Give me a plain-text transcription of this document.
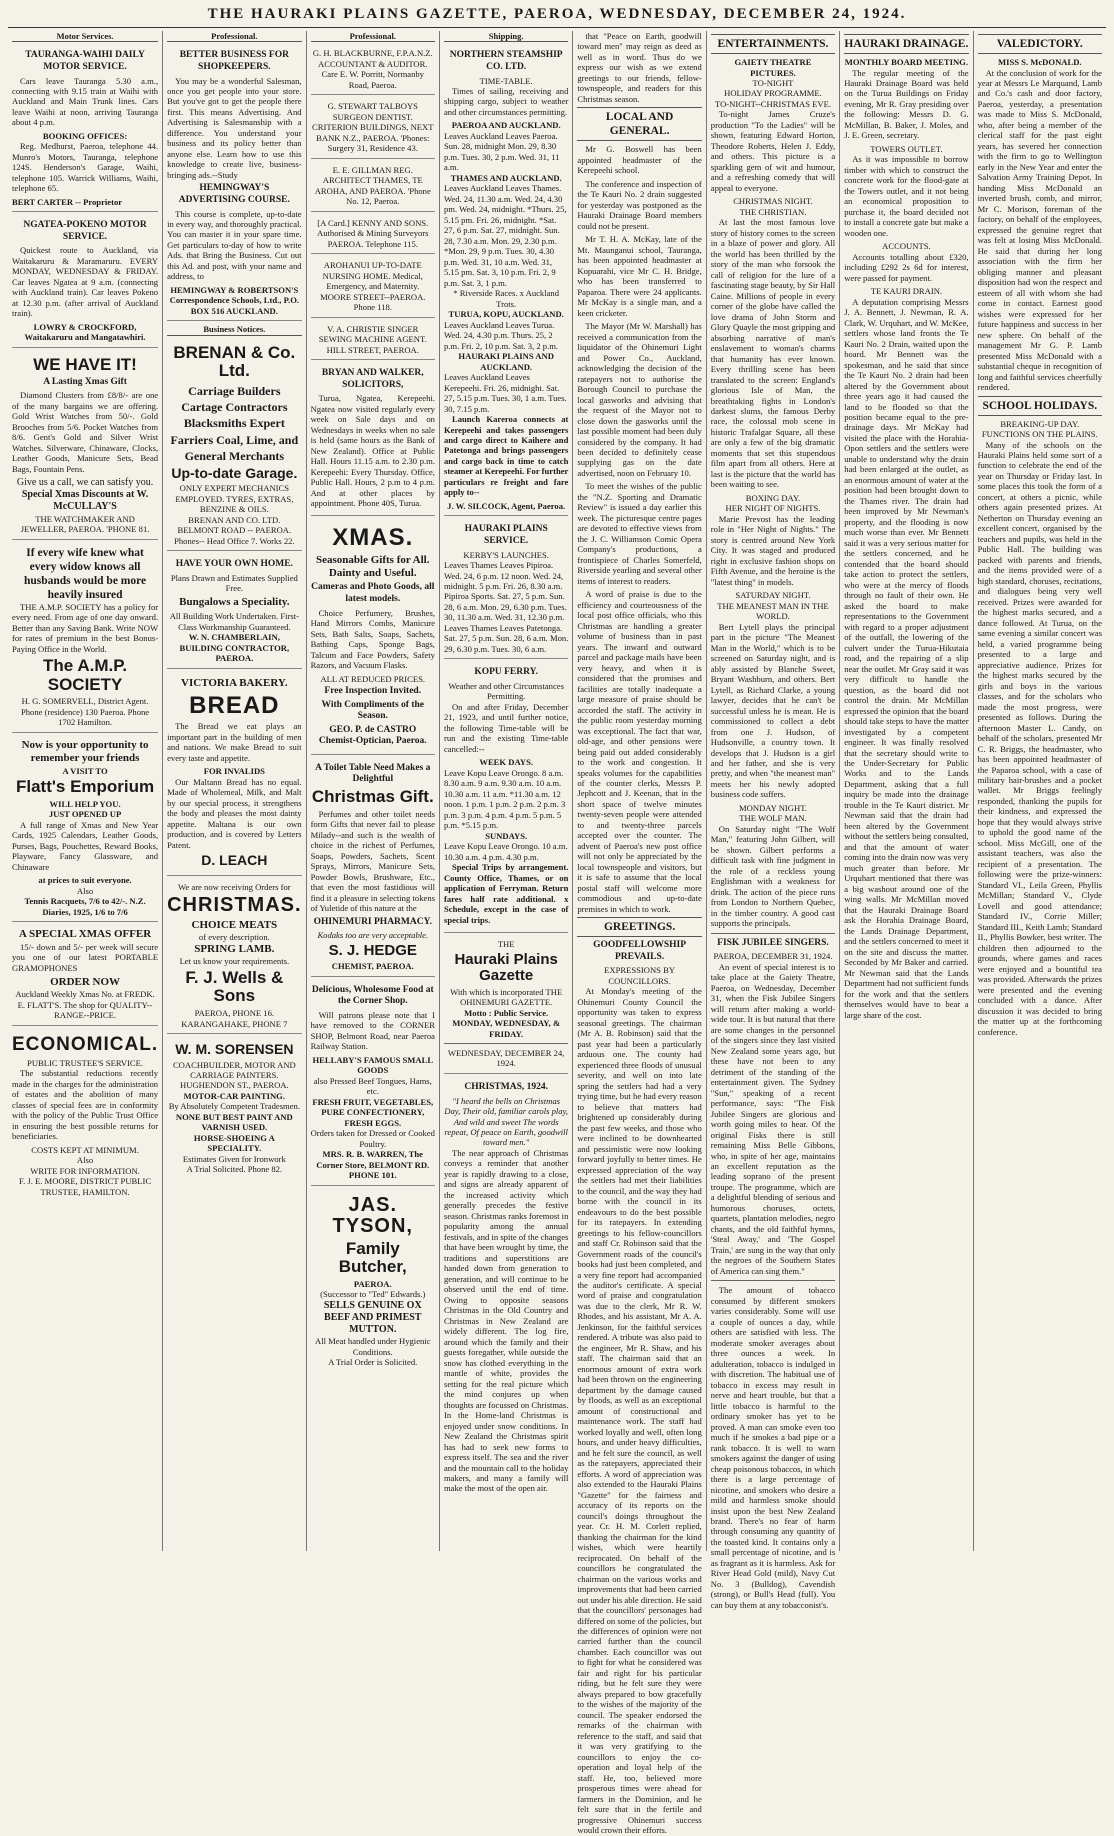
THE HAURAKI PLAINS GAZETTE, PAEROA, WEDNESDAY, DECEMBER 24, 1924.
Motor Services.
TAURANGA-WAIHI DAILY MOTOR SERVICE.

Cars leave Tauranga 5.30 a.m., connecting with 9.15 train at Waihi with Auckland and Main Trunk lines. Cars leave Waihi at noon, arriving Tauranga about 4 p.m.

BOOKING OFFICES:

Reg. Medhurst, Paeroa, telephone 44. Munro's Motors, Tauranga, telephone 124S. Henderson's Garage, Waihi, telephone 105. Warrick Williams, Waihi, telephone 65.

BERT CARTER -- Proprietor
NGATEA-POKENO MOTOR SERVICE.

Quickest route to Auckland, via Waitakaruru & Maramaruru. EVERY MONDAY, WEDNESDAY & FRIDAY. Car leaves Ngatea at 9 a.m. (connecting with Auckland train). Car leaves Pokeno at 12.30 p.m. (after arrival of Auckland train).

LOWRY & CROCKFORD, Waitakaruru and Mangatawhiri.
WE HAVE IT!
A Lasting Xmas Gift

Diamond Clusters from £8/8/- are one of the many bargains we are offering. Gold Wrist Watches from 50/-. Gold Brooches from 5/6. Pocket Watches from 8/6. Gent's Gold and Silver Wrist Watches. Silverware, Chinaware, Clocks, Leather Goods, Manicure Sets, Bead Bags, Fountain Pens.

Give us a call, we can satisfy you.
Special Xmas Discounts at W. McCULLAY'S
THE WATCHMAKER AND JEWELLER, PAEROA. 'PHONE 81.
If every wife knew what every widow knows all husbands would be more heavily insured

THE A.M.P. SOCIETY has a policy for every need. From age of one day onward. Better than any Saving Bank. Write NOW for rates of premium in the best Bonus-Paying Office in the World.

The A.M.P. SOCIETY
H. G. SOMERVELL, District Agent. Phone (residence) 130 Paeroa. Phone 1702 Hamilton.
Now is your opportunity to remember your friends
A VISIT TO
Flatt's Emporium
WILL HELP YOU.
JUST OPENED UP

A full range of Xmas and New Year Cards, 1925 Calendars, Leather Goods, Purses, Bags, Pouchettes, Reward Books, Playware, Fancy Glassware, and Chinaware

at prices to suit everyone.
Also
Tennis Racquets, 7/6 to 42/-. N.Z. Diaries, 1925, 1/6 to 7/6
A SPECIAL XMAS OFFER

15/- down and 5/- per week will secure you one of our latest PORTABLE GRAMOPHONES

ORDER NOW
Auckland Weekly Xmas No. at FREDK. E. FLATT'S. The shop for QUALITY--RANGE--PRICE.
ECONOMICAL.
PUBLIC TRUSTEE'S SERVICE.

The substantial reductions recently made in the charges for the administration of estates and the abolition of many classes of special fees are in conformity with the policy of the Public Trust Office in ensuring the best possible returns for beneficiaries.

COSTS KEPT AT MINIMUM.
Also
WRITE FOR INFORMATION.
F. J. E. MOORE, DISTRICT PUBLIC TRUSTEE, HAMILTON.
Professional.
BETTER BUSINESS FOR SHOPKEEPERS.

You may be a wonderful Salesman, once you get people into your store. But you've got to get the people there first. This means Advertising. And Advertising is Salesmanship with a difference. You understand your business and its policy better than anyone else. Learn how to use this knowledge to create live, business-bringing ads.--Study

HEMINGWAY'S ADVERTISING COURSE.

This course is complete, up-to-date in every way, and thoroughly practical. You can master it in your spare time. Get particulars to-day of how to write Ads. that Bring the Business. Cut out this Ad. and post, with your name and address, to

HEMINGWAY & ROBERTSON'S Correspondence Schools, Ltd., P.O. BOX 516 AUCKLAND.
Business Notices.
BRENAN & Co. Ltd.
Carriage Builders Cartage Contractors Blacksmiths Expert Farriers Coal, Lime, and General Merchants
Up-to-date Garage.
ONLY EXPERT MECHANICS EMPLOYED. TYRES, EXTRAS, BENZINE & OILS.
BRENAN AND CO. LTD. BELMONT ROAD -- PAEROA. Phones-- Head Office 7. Works 22.
HAVE YOUR OWN HOME.
Plans Drawn and Estimates Supplied Free.
Bungalows a Speciality.
All Building Work Undertaken. First-Class Workmanship Guaranteed.
W. N. CHAMBERLAIN, BUILDING CONTRACTOR, PAEROA.
VICTORIA BAKERY.
BREAD

The Bread we eat plays an important part in the building of men and nations. We make Bread to suit every taste and appetite.

FOR INVALIDS

Our Maltann Bread has no equal. Made of Wholemeal, Milk, and Malt by our special process, it strengthens the body and pleases the most dainty appetite. Maltana is our own production, and is covered by Letters Patent.

D. LEACH
We are now receiving Orders for
CHRISTMAS.
CHOICE MEATS
of every description.
SPRING LAMB.
Let us know your requirements.
F. J. Wells & Sons
PAEROA, PHONE 16. KARANGAHAKE, PHONE 7
W. M. SORENSEN
COACHBUILDER, MOTOR AND CARRIAGE PAINTERS. HUGHENDON ST., PAEROA.
MOTOR-CAR PAINTING.
By Absolutely Competent Tradesmen.
NONE BUT BEST PAINT AND VARNISH USED.
HORSE-SHOEING A SPECIALITY.
Estimates Given for Ironwork
A Trial Solicited. Phone 82.
Professional.
G. H. BLACKBURNE, F.P.A.N.Z. ACCOUNTANT & AUDITOR. Care E. W. Porritt, Normanby Road, Paeroa.
G. STEWART TALBOYS SURGEON DENTIST. CRITERION BUILDINGS, NEXT BANK N.Z., PAEROA. 'Phones: Surgery 31, Residence 43.
E. E. GILLMAN REG. ARCHITECT THAMES, TE AROHA, AND PAEROA. 'Phone No. 12, Paeroa.
[A Card.] KENNY AND SONS. Authorised & Mining Surveyors PAEROA. Telephone 115.
AROHANUI UP-TO-DATE NURSING HOME. Medical, Emergency, and Maternity. MOORE STREET--PAEROA. Phone 118.
V. A. CHRISTIE SINGER SEWING MACHINE AGENT. HILL STREET, PAEROA.
BRYAN AND WALKER, SOLICITORS,

Turua, Ngatea, Kerepeehi. Ngatea now visited regularly every week on Sale days and on Wednesdays in weeks when no sale is held (same hours as the Bank of New Zealand). Office at Public Hall. Hours 11.15 a.m. to 2.30 p.m. Kerepeehi: Every Thursday. Office, Public Hall. Hours, 2 p.m to 4 p.m. And at other places by appointment. Phone 40S, Turua.

XMAS.
Seasonable Gifts for All. Dainty and Useful.
Cameras and Photo Goods, all latest models.

Choice Perfumery, Brushes, Hand Mirrors Combs, Manicure Sets, Bath Salts, Soaps, Sachets, Bathing Caps, Sponge Bags, Talcum and Face Powders, Safety Razors, and Vacuum Flasks.

ALL AT REDUCED PRICES.
Free Inspection Invited.
With Compliments of the Season.
GEO. P. de CASTRO Chemist-Optician, Paeroa.
A Toilet Table Need Makes a Delightful
Christmas Gift.

Perfumes and other toilet needs form Gifts that never fail to please Milady--and such is the wealth of choice in the richest of Perfumes, Soaps, Powders, Sachets, Scent Sprays, Mirrors, Manicure Sets, Powder Bowls, Brushware, Etc., that even the most fastidious will find it a pleasure in selecting tokens of Yuletide of this nature at the

OHINEMURI PHARMACY.
Kodaks too are very acceptable.
S. J. HEDGE
CHEMIST, PAEROA.
Delicious, Wholesome Food at the Corner Shop.

Will patrons please note that I have removed to the CORNER SHOP, Belmont Road, near Paeroa Railway Station.

HELLABY'S FAMOUS SMALL GOODS
also Pressed Beef Tongues, Hams, etc.
FRESH FRUIT, VEGETABLES, PURE CONFECTIONERY, FRESH EGGS.
Orders taken for Dressed or Cooked Poultry.
MRS. R. B. WARREN, The Corner Store, BELMONT RD. PHONE 101.
JAS. TYSON,
Family Butcher,
PAEROA.
(Successor to "Ted" Edwards.)
SELLS GENUINE OX BEEF AND PRIMEST MUTTON.
All Meat handled under Hygienic Conditions.
A Trial Order is Solicited.
Shipping.
NORTHERN STEAMSHIP CO. LTD.
TIME-TABLE.

Times of sailing, receiving and shipping cargo, subject to weather and other circumstances permitting.

PAEROA AND AUCKLAND.
Leaves Auckland Leaves Paeroa. Sun. 28, midnight Mon. 29, 8.30 p.m. Tues. 30, 2 p.m. Wed. 31, 11 a.m.
THAMES AND AUCKLAND.
Leaves Auckland Leaves Thames. Wed. 24, 11.30 a.m. Wed. 24, 4.30 pm. Wed. 24, midnight. *Thurs. 25, 5.15 pm. Fri. 26, midnight. *Sat. 27, 6 p.m. Sat. 27, midnight. Sun. 28, 7.30 a.m. Mon. 29, 2.30 p.m. *Mon. 29, 9 p.m. Tues. 30, 4.30 p.m. Wed. 31, 10 a.m. Wed. 31, 5.15 pm. Sat. 3, 10 p.m. Fri. 2, 9 p.m. Sat. 3, 1 p.m.
* Riverside Races. x Auckland Trots.
TURUA, KOPU, AUCKLAND.
Leaves Auckland Leaves Turua. Wed. 24, 4.30 p.m. Thurs. 25, 2 p.m. Fri. 2, 10 p.m. Sat. 3, 2 p.m.
HAURAKI PLAINS AND AUCKLAND.
Leaves Auckland Leaves Kerepeehi. Fri. 26, midnight. Sat. 27, 5.15 p.m. Tues. 30, 1 a.m. Tues. 30, 7.15 p.m.

Launch Kareroa connects at Kerepeehi and takes passengers and cargo direct to Kaihere and Patetonga and brings passengers and cargo back in time to catch steamer at Kerepeehi. For further particulars re freight and fare apply to--

J. W. SILCOCK, Agent, Paeroa.
HAURAKI PLAINS SERVICE.
KERBY'S LAUNCHES.
Leaves Thames Leaves Pipiroa. Wed. 24, 6 p.m. 12 noon. Wed. 24, midnight. 5 p.m. Fri. 26, 8.30 a.m. Pipiroa Sports. Sat. 27, 5 p.m. Sun. 28, 6 a.m. Mon. 29, 6.30 p.m. Tues. 30, 11.30 a.m. Wed. 31, 12.30 p.m. Leaves Thames Leaves Patetonga. Sat. 27, 5 p.m. Sun. 28, 6 a.m. Mon. 29, 6.30 p.m. Tues. 30, 6 a.m.
KOPU FERRY.
Weather and other Circumstances Permitting.

On and after Friday, December 21, 1923, and until further notice, the following Time-table will be run and the existing Time-table cancelled:--

WEEK DAYS.
Leave Kopu Leave Orongo. 8 a.m. 8.30 a.m. 9 a.m. 9.30 a.m. 10 a.m. 10.30 a.m. 11 a.m. *11.30 a.m. 12 noon. 1 p.m. 1 p.m. 2 p.m. 2 p.m. 3 p.m. 3 p.m. 4 p.m. 4 p.m. 5 p.m. 5 p.m. *5.15 p.m.
SUNDAYS.
Leave Kopu Leave Orongo. 10 a.m. 10.30 a.m. 4 p.m. 4.30 p.m.

Special Trips by arrangement. County Office, Thames, or on application of Ferryman. Return fares half rate additional. x Schedule, except in the case of special trips.

THE
Hauraki Plains Gazette
With which is incorporated THE OHINEMURI GAZETTE.
Motto : Public Service.
MONDAY, WEDNESDAY, & FRIDAY.
WEDNESDAY, DECEMBER 24, 1924.
CHRISTMAS, 1924.
"I heard the bells on Christmas Day, Their old, familiar carols play, And wild and sweet The words repeat, Of peace on Earth, goodwill toward men."

The near approach of Christmas conveys a reminder that another year is rapidly drawing to a close, and signs are already apparent of the increased activity which generally precedes the festive season. Christmas ranks foremost in popularity among the annual festivals, and in spite of the changes that have been wrought by time, the traditions and superstitions are handed down from generation to generation, and will continue to be observed until the end of time. Owing to opposite seasons Christmas in the Old Country and Christmas in New Zealand are widely different. The log fire, around which the family and their guests foregather, while outside the snow has clothed everything in the mantle of white, provides the setting for the real picture which the mind conjures up when thoughts are focussed on Christmas. In the Home-land Christmas is enjoyed under snow conditions. In New Zealand the Christmas spirit has had to seek new forms to express itself. The sea and the river and the mountain call to the holiday makers, and many a family will make the most of the open air.

that "Peace on Earth, goodwill toward men" may reign as deed as well as in word. Thus do we express our wish as we extend greetings to our friends, fellow-townspeople, and readers for this Christmas season.

LOCAL AND GENERAL.

Mr G. Boswell has been appointed headmaster of the Kerepeehi school.

The conference and inspection of the Te Kauri No. 2 drain suggested for yesterday was postponed as the Hauraki Drainage Board members could not be present.

Mr T. H. A. McKay, late of the Mt. Maunganui school, Tauranga, has been appointed headmaster at Kopuarahi, vice Mr C. H. Bridge, who has been transferred to Paparoa. There were 24 applicants. Mr McKay is a single man, and a keen cricketer.

The Mayor (Mr W. Marshall) has received a communication from the liquidator of the Ohinemuri Light and Power Co., Auckland, acknowledging the decision of the ratepayers not to authorise the Borough Council to purchase the local gasworks and advising that the request of the Mayor not to close down the gasworks until the last possible moment had been duly considered by the company. It had been decided to definitely cease supplying gas on the date advertised, noon on February 10.

To meet the wishes of the public the "N.Z. Sporting and Dramatic Review" is issued a day earlier this week. The picturesque centre pages are devoted to effective views from the J. C. Williamson Comic Opera Company's productions, a frontispiece of Charles Somerfeld, Riverside yearling and several other items of interest to readers.

A word of praise is due to the efficiency and courteousness of the local post office officials, who this Christmas are handling a greater volume of business than in past years. The inward and outward parcel and package mails have been very heavy, and when it is considered that the promises and facilities are totally inadequate a large measure of praise should be accorded the staff. The activity in the public room yesterday morning was exceptional. The fact that war, old-age, and other pensions were being paid out added considerably to the work and congestion. It speaks volumes for the capabilities of the counter clerks, Messrs P. Jephcott and J. Keenan, that in the short space of twelve minutes twenty-seven people were attended to and twenty-three parcels accepted over the counter. The advent of Paeroa's new post office will not only be appreciated by the local townspeople and visitors, but it is safe to assume that the local postal staff will welcome more commodious and up-to-date premises in which to work.

GREETINGS.
GOODFELLOWSHIP PREVAILS.
EXPRESSIONS BY COUNCILLORS.

At Monday's meeting of the Ohinemuri County Council the opportunity was taken to express seasonal greetings. The chairman (Mr A. B. Robinson) said that the past year had been a particularly arduous one. The county had experienced three floods of unusual severity, and well on into late spring the settlers had had a very trying time, but he had every reason to believe that matters had brightened up considerably during the past few weeks, and those who were inclined to be downhearted and pessimistic were now looking forward joyfully to better times. He expressed appreciation of the way the settlers had met their liabilities to the council, and the way they had borne with the council in its endeavours to do the best possible for its ratepayers. In extending greetings to his fellow-councillors and staff Cr. Robinson said that the Government roads of the council's books had just been completed, and a very fine report had accompanied the auditor's certificate. A special word of praise and congratulation was due to the clerk, Mr R. W. Rhodes, and his assistant, Mr A. A. Jenkinson, for the faithful services rendered. A tribute was also paid to the engineer, Mr R. Shaw, and his staff. The chairman said that an enormous amount of extra work had been thrown on the engineering department by the damage caused by floods, as well as an exceptional amount of constructional and maintenance work. The staff had worked loyally and well, often long hours, and under heavy difficulties, and he felt sure the council, as well as the ratepayers, appreciated their efforts. A word of appreciation was also extended to the Hauraki Plains "Gazette" for the fairness and accuracy of its reports on the council's doings throughout the year. Cr. H. M. Corlett replied, thanking the chairman for the kind wishes, which were heartily reciprocated. On behalf of the councillors he congratulated the chairman on the various works and improvements that had been carried out under his able direction. He said that the councillors' personages had differed on some of the policies, but the differences of opinion were not carried further than the council chamber. Each councillor was out to fight for what he considered was fair and right for his particular riding, but he felt sure they were always prepared to bow gracefully to the wishes of the majority of the council. The speaker endorsed the remarks of the chairman with reference to the staff, and said that it was very gratifying to the councillors to enjoy the co-operation and loyal help of the staff. He, too, believed more prosperous times were ahead for farmers in the Dominion, and he felt sure that in the fertile and progressive Ohinemuri success would crown their efforts.

ENTERTAINMENTS.
GAIETY THEATRE PICTURES.
TO-NIGHT
HOLIDAY PROGRAMME.
TO-NIGHT--CHRISTMAS EVE.

To-night James Cruze's production "To the Ladies" will be shown, featuring Edward Horton, Theodore Roberts, Helen J. Eddy, and others. This picture is a sparkling gem of wit and humour, and a refreshing comedy that will appeal to everyone.

CHRISTMAS NIGHT.
THE CHRISTIAN.

At last the most famous love story of history comes to the screen in a blaze of power and glory. All the world has been thrilled by the story of the man who forsook the call of religion for the lure of a fascinating stage beauty, by Sir Hall Caine. Millions of people in every corner of the globe have called the love drama of John Storm and Glory Quayle the most gripping and absorbing narrative of man's enslavement to woman's charms that humanity has ever known. Every thrilling scene has been translated to the screen: England's glorious Isle of Man, the breathtaking fights in London's darkest slums, the famous Derby race, the colossal mob scene in historic Trafalgar Square, all these are only a few of the big dramatic moments that set this stupendous film apart from all others. Here at last is the picture that the world has been waiting to see.

BOXING DAY.
HER NIGHT OF NIGHTS.

Marie Prevost has the leading role in "Her Night of Nights." The story is centred around New York City. It was staged and produced right in exclusive fashion shops on Fifth Avenue, and the heroine is the "latest thing" in models.

SATURDAY NIGHT.
THE MEANEST MAN IN THE WORLD.

Bert Lytell plays the principal part in the picture "The Meanest Man in the World," which is to be screened on Saturday night, and is ably assisted by Blanche Sweet, Bryant Washburn, and others. Bert Lytell, as Richard Clarke, a young lawyer, decides that he can't be successful unless he is mean. He is commissioned to collect a debt from one J. Hudson, of Hudsonville, a country town. It develops that J. Hudson is a girl and her father, and she is very pretty, and when "the meanest man" meets her his newly adopted business code suffers.

MONDAY NIGHT.
THE WOLF MAN.

On Saturday night "The Wolf Man," featuring John Gilbert, will be shown. Gilbert performs a difficult task with fine judgment in the role of a reckless young Englishman with a weakness for drink. The action of the piece runs from London to Northern Quebec, in the timber country. A good cast supports the principals.

FISK JUBILEE SINGERS.
PAEROA, DECEMBER 31, 1924.

An event of special interest is to take place at the Gaiety Theatre, Paeroa, on Wednesday, December 31, when the Fisk Jubilee Singers will return after making a world-wide tour. It is but natural that there are some changes in the personnel of the singers since they last visited New Zealand some years ago, but these have not been to any detriment of the standing of the entertainment given. The Sydney "Sun," speaking of a recent performance, says: "The Fisk Jubilee Singers are glorious and worth going miles to hear. Of the original Fisks there is still remaining Miss Belle Gibbons, who, in spite of her age, maintains an excellent reputation as the leading soprano of the present troupe. The programme, which are a delightful blending of serious and humorous choruses, octets, quartets, plantation melodies, negro chants, and the old faithful hymns, 'Steal Away,' and 'The Gospel Train,' are sung in the way that only the negroes of the Southern States of America can sing them."

The amount of tobacco consumed by different smokers varies considerably. Some will use a couple of ounces a day, while others are satisfied with less. The moderate smoker averages about three ounces a week. In adulteration, tobacco is indulged in with discretion. The habitual use of tobacco in excess may result in nerve and heart trouble, but that a little tobacco is harmful to the ordinary smoker has yet to be proved. A man can smoke even too much if he smokes a bad pipe or a rank tobacco. It is well to warn smokers against the danger of using cheap poisonous tobaccos, in which there is a large percentage of nicotine, and smokers who desire a mild and harmless smoke should insist upon the best New Zealand brand. There's no fear of harm through consuming any quantity of the toasted kind. It contains only a small percentage of nicotine, and is as fragrant as it is harmless. Ask for River Head Gold (mild), Navy Cut No. 3 (Bulldog), Cavendish (strong), or Bull's Head (full). You can buy them at any tobacconist's.

HAURAKI DRAINAGE.
MONTHLY BOARD MEETING.

The regular meeting of the Hauraki Drainage Board was held on the Turua Buildings on Friday evening, Mr R. Gray presiding over the following: Messrs D. G. McMillan, B. Baker, J. Moles, and J. E. Green, secretary.

TOWERS OUTLET.

As it was impossible to borrow timber with which to construct the concrete work for the flood-gate at the Towers outlet, and it not being an economical proposition to purchase it, the board decided not to install a concrete gate but make a wooden one.

ACCOUNTS.

Accounts totalling about £320, including £292 2s 6d for interest, were passed for payment.

TE KAURI DRAIN.

A deputation comprising Messrs J. A. Bennett, J. Newman, R. A. Clark, W. Urquhart, and W. McKee, settlers whose land fronts the Te Kauri No. 2 Drain, waited upon the board. Mr Bennett was the spokesman, and he said that since the Te Kauri No. 2 drain had been altered by the Government about three years ago it had caused the land to be flooded so that the position became equal to the pre-drainage days. Mr McKay had visited the place with the Horahia-Opon settlers and the settlers were unable to understand why the drain had been enlarged at the outlet, as an enormous amount of water at the position had been brought down to the Thames river. The drain had been improved by Mr Newman's property, and the flooding is now much worse than ever. Mr Bennett said it was a very serious matter for the settlers concerned, and he contended that the board should take action to protect the settlers, who were at the mercy of floods through no fault of their own. He asked the board to make representations to the Government with regard to a proper adjustment of the outfall, the lowering of the culvert under the Turua-Hikutaia road, and the repairing of a slip near the outlet. Mr Gray said it was very difficult to handle the question, as the board did not control the drain. Mr McMillan expressed the opinion that the board should take steps to have the matter investigated by a competent engineer. It was finally resolved that the secretary should write to the Under-Secretary for Public Works and to the Lands Department, asking that a full inquiry be made into the drainage trouble in the Te Kauri district. Mr Newman said that the drain had been altered by the Government without the settlers being consulted, and that the amount of water coming into the drain now was very much greater than before. Mr Urquhart mentioned that there was a big washout around one of the wing walls. Mr McMillan moved that the Hauraki Drainage Board ask the Horahia Drainage Board, the Lands Drainage Department, and the settlers concerned to meet it on the site and discuss the matter. Seconded by Mr Baker and carried. Mr Newman said that the Lands Department had not sufficient funds for the work and that the settlers themselves would have to bear a large share of the cost.

VALEDICTORY.
MISS S. McDONALD.

At the conclusion of work for the year at Messrs Le Marquand, Lamb and Co.'s cash and door factory, Paeroa, yesterday, a presentation was made to Miss S. McDonald, who, after being a member of the clerical staff for the past eight years, has severed her connection with the firm to go to Wellington early in the New Year and enter the Salvation Army Training Depot. In handing Miss McDonald an inverted brush, comb, and mirror, Mr C. Morison, foreman of the factory, on behalf of the employees, expressed the genuine regret that was felt at losing Miss McDonald. He said that during her long association with the firm her obliging manner and pleasant disposition had won the respect and esteem of all with whom she had come in contact. Earnest good wishes were expressed for her future happiness and success in her new sphere. On behalf of the management Mr G. P. Lamb presented Miss McDonald with a substantial cheque in recognition of long and faithful services cheerfully rendered.

SCHOOL HOLIDAYS.
BREAKING-UP DAY.
FUNCTIONS ON THE PLAINS.

Many of the schools on the Hauraki Plains held some sort of a function to celebrate the end of the year on Thursday or Friday last. In some places this took the form of a concert, at others a picnic, while others again presented prizes. At Netherton on Thursday evening an excellent concert, organised by the teachers and pupils, was held in the Public Hall. The building was packed with parents and friends, and the items provided were of a high standard, choruses, recitations, and dialogues being very well received. Prizes were awarded for the highest marks secured, and a dance followed. At Turua, on the same evening a similar concert was held, a varied programme being presented to a large and appreciative audience. Prizes for the highest marks secured by the girls and boys in the various classes, and for the scholars who made the most progress, were presented as follows. During the afternoon Master L. Candy, on behalf of the scholars, presented Mr C. R. Briggs, the headmaster, who has been appointed headmaster of the Paparoa school, with a case of military hair-brushes and a pocket wallet. Mr Briggs feelingly responded, thanking the pupils for their kindness, and expressed the hope that they would always strive to uphold the good name of the school. Miss McGill, one of the assistant teachers, was also the recipient of a presentation. The following were the prize-winners: Standard VI., Leila Green, Phyllis McMillan; Standard V., Clyde Lovell and good attendance; Standard IV., Corrie Miller; Standard III., Keith Lamb; Standard II., Phyllis Bowker, best writer. The children then adjourned to the grounds, where games and races were enjoyed and a bountiful tea was provided. Afterwards the prizes were presented and the evening concluded with a dance. After discussion it was decided to bring the matter up at the forthcoming conference.
